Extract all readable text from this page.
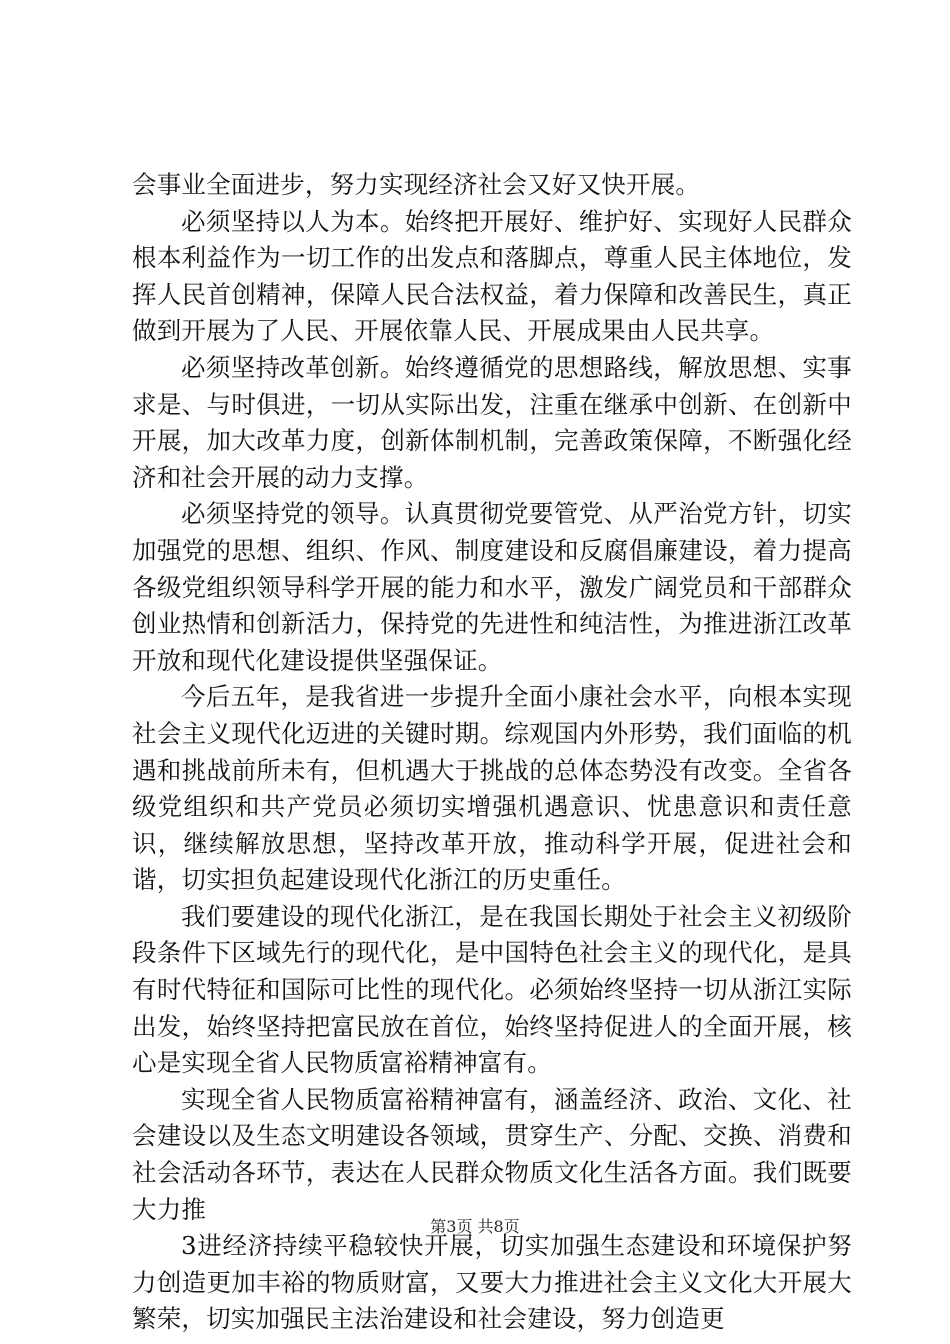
会事业全面进步，努力实现经济社会又好又快开展。

必须坚持以人为本。始终把开展好、维护好、实现好人民群众根本利益作为一切工作的出发点和落脚点，尊重人民主体地位，发挥人民首创精神，保障人民合法权益，着力保障和改善民生，真正做到开展为了人民、开展依靠人民、开展成果由人民共享。

必须坚持改革创新。始终遵循党的思想路线，解放思想、实事求是、与时俱进，一切从实际出发，注重在继承中创新、在创新中开展，加大改革力度，创新体制机制，完善政策保障，不断强化经济和社会开展的动力支撑。

必须坚持党的领导。认真贯彻党要管党、从严治党方针，切实加强党的思想、组织、作风、制度建设和反腐倡廉建设，着力提高各级党组织领导科学开展的能力和水平，激发广阔党员和干部群众创业热情和创新活力，保持党的先进性和纯洁性，为推进浙江改革开放和现代化建设提供坚强保证。

今后五年，是我省进一步提升全面小康社会水平，向根本实现社会主义现代化迈进的关键时期。综观国内外形势，我们面临的机遇和挑战前所未有，但机遇大于挑战的总体态势没有改变。全省各级党组织和共产党员必须切实增强机遇意识、忧患意识和责任意识，继续解放思想，坚持改革开放，推动科学开展，促进社会和谐，切实担负起建设现代化浙江的历史重任。

我们要建设的现代化浙江，是在我国长期处于社会主义初级阶段条件下区域先行的现代化，是中国特色社会主义的现代化，是具有时代特征和国际可比性的现代化。必须始终坚持一切从浙江实际出发，始终坚持把富民放在首位，始终坚持促进人的全面开展，核心是实现全省人民物质富裕精神富有。

实现全省人民物质富裕精神富有，涵盖经济、政治、文化、社会建设以及生态文明建设各领域，贯穿生产、分配、交换、消费和社会活动各环节，表达在人民群众物质文化生活各方面。我们既要大力推

3进经济持续平稳较快开展，切实加强生态建设和环境保护努力创造更加丰裕的物质财富，又要大力推进社会主义文化大开展大繁荣，切实加强民主法治建设和社会建设，努力创造更

第3页 共8页
